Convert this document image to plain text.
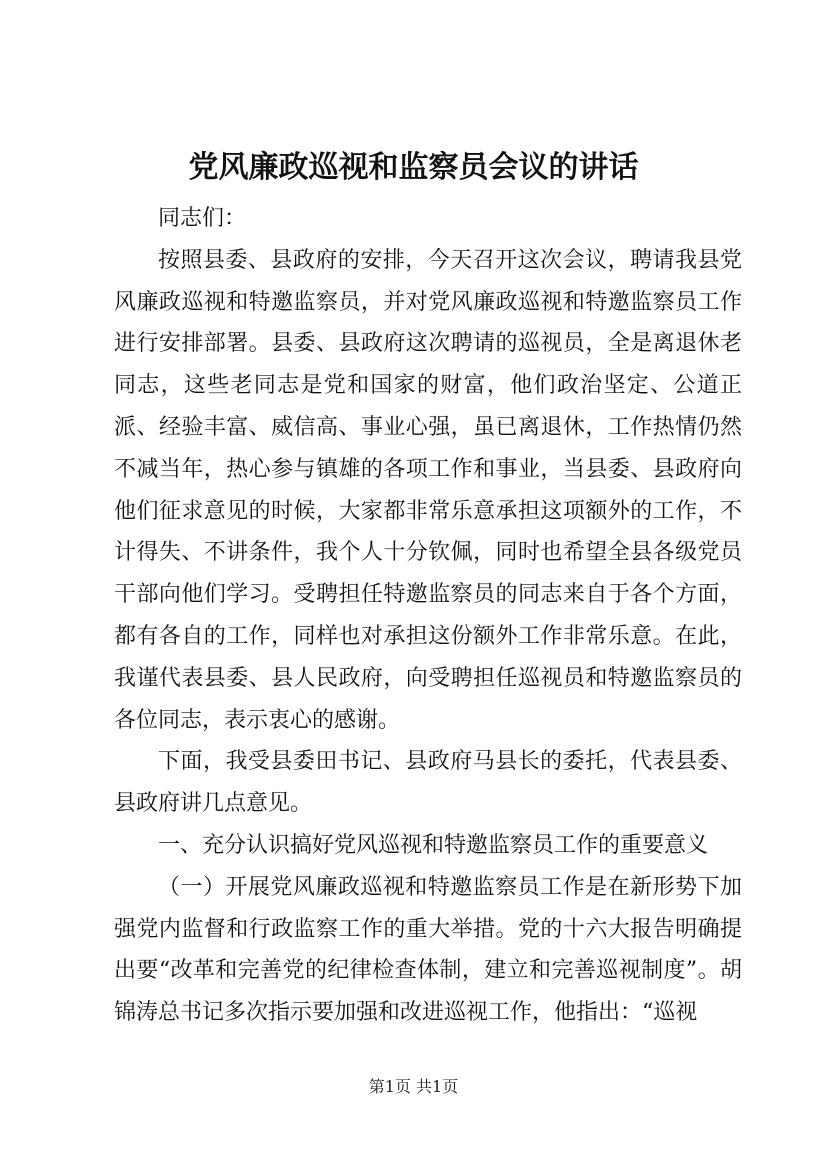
党风廉政巡视和监察员会议的讲话

同志们：

按照县委、县政府的安排，今天召开这次会议，聘请我县党风廉政巡视和特邀监察员，并对党风廉政巡视和特邀监察员工作进行安排部署。县委、县政府这次聘请的巡视员，全是离退休老同志，这些老同志是党和国家的财富，他们政治坚定、公道正派、经验丰富、威信高、事业心强，虽已离退休，工作热情仍然不减当年，热心参与镇雄的各项工作和事业，当县委、县政府向他们征求意见的时候，大家都非常乐意承担这项额外的工作，不计得失、不讲条件，我个人十分钦佩，同时也希望全县各级党员干部向他们学习。受聘担任特邀监察员的同志来自于各个方面，都有各自的工作，同样也对承担这份额外工作非常乐意。在此，我谨代表县委、县人民政府，向受聘担任巡视员和特邀监察员的各位同志，表示衷心的感谢。

下面，我受县委田书记、县政府马县长的委托，代表县委、县政府讲几点意见。

一、充分认识搞好党风巡视和特邀监察员工作的重要意义

（一）开展党风廉政巡视和特邀监察员工作是在新形势下加强党内监督和行政监察工作的重大举措。党的十六大报告明确提出要“改革和完善党的纪律检查体制，建立和完善巡视制度”。胡锦涛总书记多次指示要加强和改进巡视工作，他指出：“巡视

第1页 共1页
